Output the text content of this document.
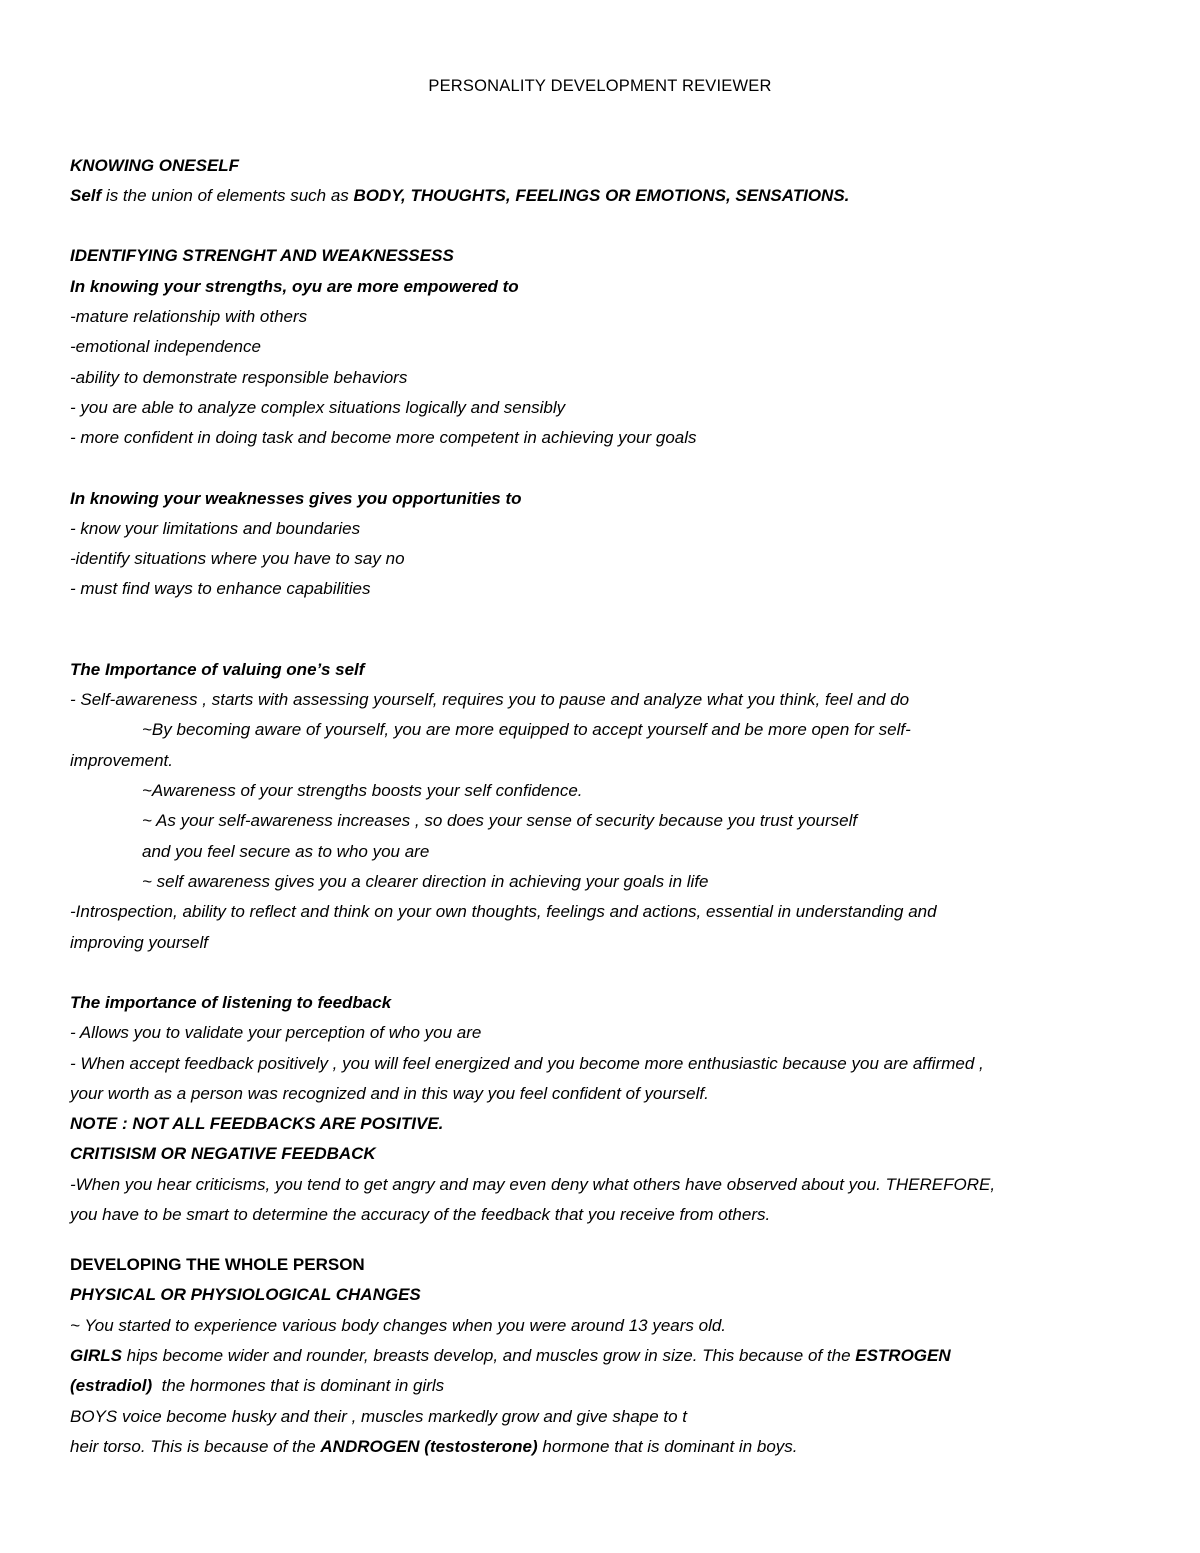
PERSONALITY DEVELOPMENT REVIEWER
KNOWING ONESELF
Self is the union of elements such as BODY, THOUGHTS, FEELINGS OR EMOTIONS, SENSATIONS.
IDENTIFYING STRENGHT AND WEAKNESSESS
In knowing your strengths, oyu are more empowered to
-mature relationship with others
-emotional independence
-ability to demonstrate responsible behaviors
- you are able to analyze complex situations logically and sensibly
- more confident in doing task and become more competent in achieving your goals
In knowing your weaknesses gives you opportunities to
- know your limitations and boundaries
-identify situations where you have to say no
- must find ways to enhance capabilities
The Importance of valuing one’s self
- Self-awareness , starts with assessing yourself, requires you to pause and analyze what you think, feel and do
~By becoming aware of yourself, you are more equipped to accept yourself and be more open for self-
improvement.
~Awareness of your strengths boosts your self confidence.
~ As your self-awareness increases , so does your sense of security because you trust yourself
and you feel secure as to who you are
~ self awareness gives you a clearer direction in achieving your goals in life
-Introspection, ability to reflect and think on your own thoughts, feelings and actions, essential in understanding and
improving yourself
The importance of listening to feedback
- Allows you to validate your perception of who you are
- When accept feedback positively , you will feel energized and you become more enthusiastic because you are affirmed ,
your worth as a person was recognized and in this way you feel confident of yourself.
NOTE : NOT ALL FEEDBACKS ARE POSITIVE.
CRITISISM OR NEGATIVE FEEDBACK
-When you hear criticisms, you tend to get angry and may even deny what others have observed about you. THEREFORE,
you have to be smart to determine the accuracy of the feedback that you receive from others.
DEVELOPING THE WHOLE PERSON
PHYSICAL OR PHYSIOLOGICAL CHANGES
~ You started to experience various body changes when you were around 13 years old.
GIRLS hips become wider and rounder, breasts develop, and muscles grow in size. This because of the ESTROGEN
(estradiol)  the hormones that is dominant in girls
BOYS voice become husky and their , muscles markedly grow and give shape to t
heir torso. This is because of the ANDROGEN (testosterone) hormone that is dominant in boys.
